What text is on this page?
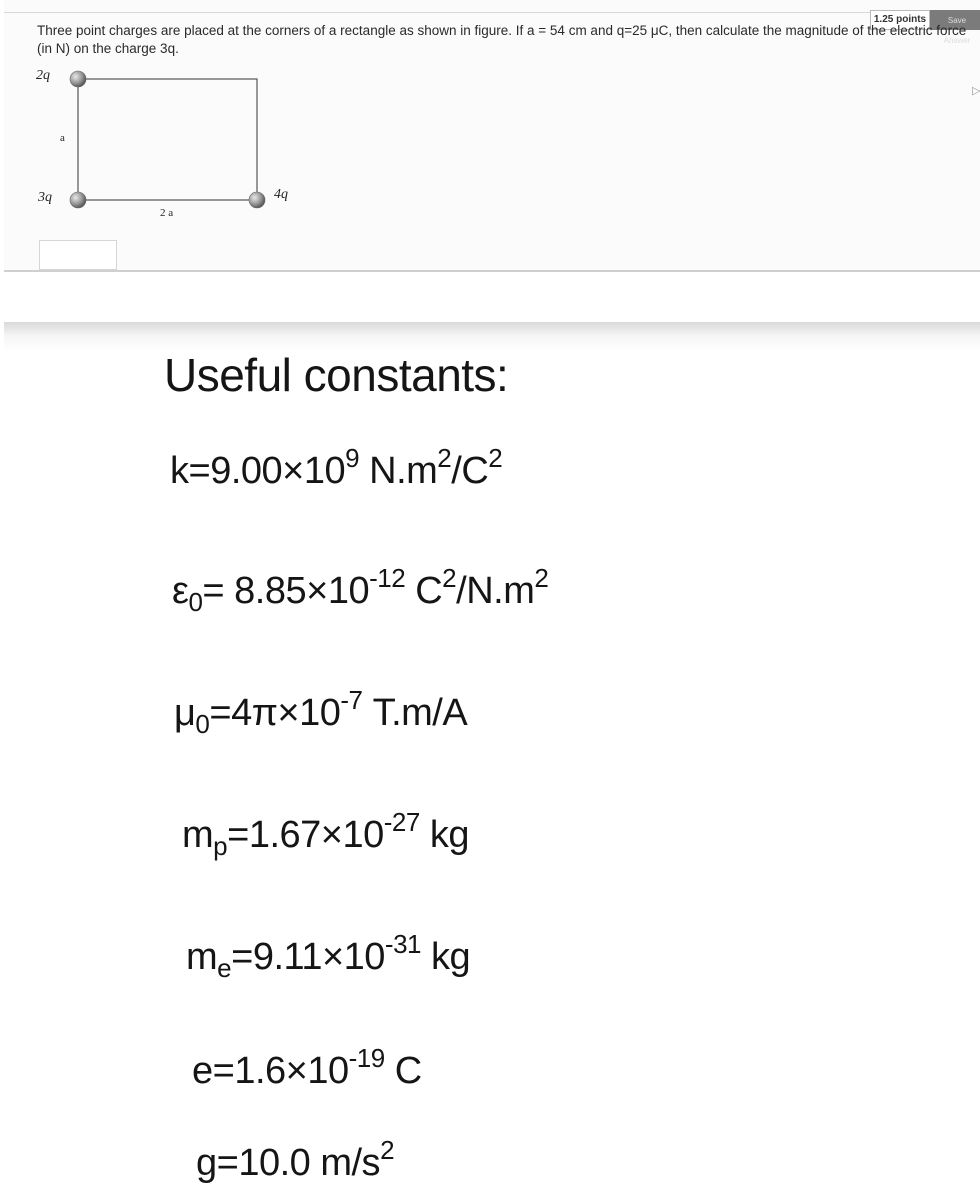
1.25 points	Save Answer

Three point charges are placed at the corners of a rectangle as shown in figure. If a = 54 cm and q=25 μC, then calculate the magnitude of the electric force (in N) on the charge 3q.

2q
3q	4q
a
2 a
▷
Useful constants:
$k=9.00\times 10^9$ $N.m^2/C^2$
$\varepsilon_0= 8.85\times 10^{-12}$ $C^2/N.m^2$
$\mu_0=4\pi\times 10^{-7}$ T.m/A
$m_p=1.67\times 10^{-27}$ kg
$m_e=9.11\times 10^{-31}$ kg
$e=1.6\times 10^{-19}$ C
g=10.0 $m/s^2$
